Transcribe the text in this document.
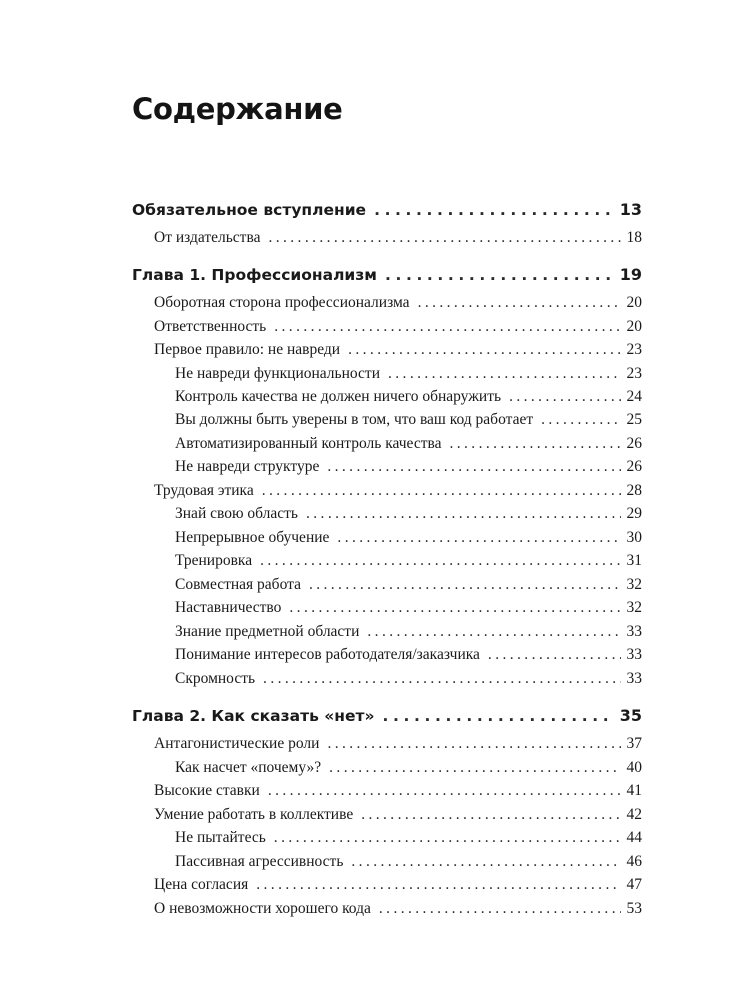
Содержание
Обязательное вступление .....	13
От издательства .....	18
Глава 1. Профессионализм .....	19
Оборотная сторона профессионализма .....	20
Ответственность .....	20
Первое правило: не навреди .....	23
Не навреди функциональности .....	23
Контроль качества не должен ничего обнаружить .....	24
Вы должны быть уверены в том, что ваш код работает .....	25
Автоматизированный контроль качества .....	26
Не навреди структуре .....	26
Трудовая этика .....	28
Знай свою область .....	29
Непрерывное обучение .....	30
Тренировка .....	31
Совместная работа .....	32
Наставничество .....	32
Знание предметной области .....	33
Понимание интересов работодателя/заказчика .....	33
Скромность .....	33
Глава 2. Как сказать «нет» .....	35
Антагонистические роли .....	37
Как насчет «почему»? .....	40
Высокие ставки .....	41
Умение работать в коллективе .....	42
Не пытайтесь .....	44
Пассивная агрессивность .....	46
Цена согласия .....	47
О невозможности хорошего кода .....	53
